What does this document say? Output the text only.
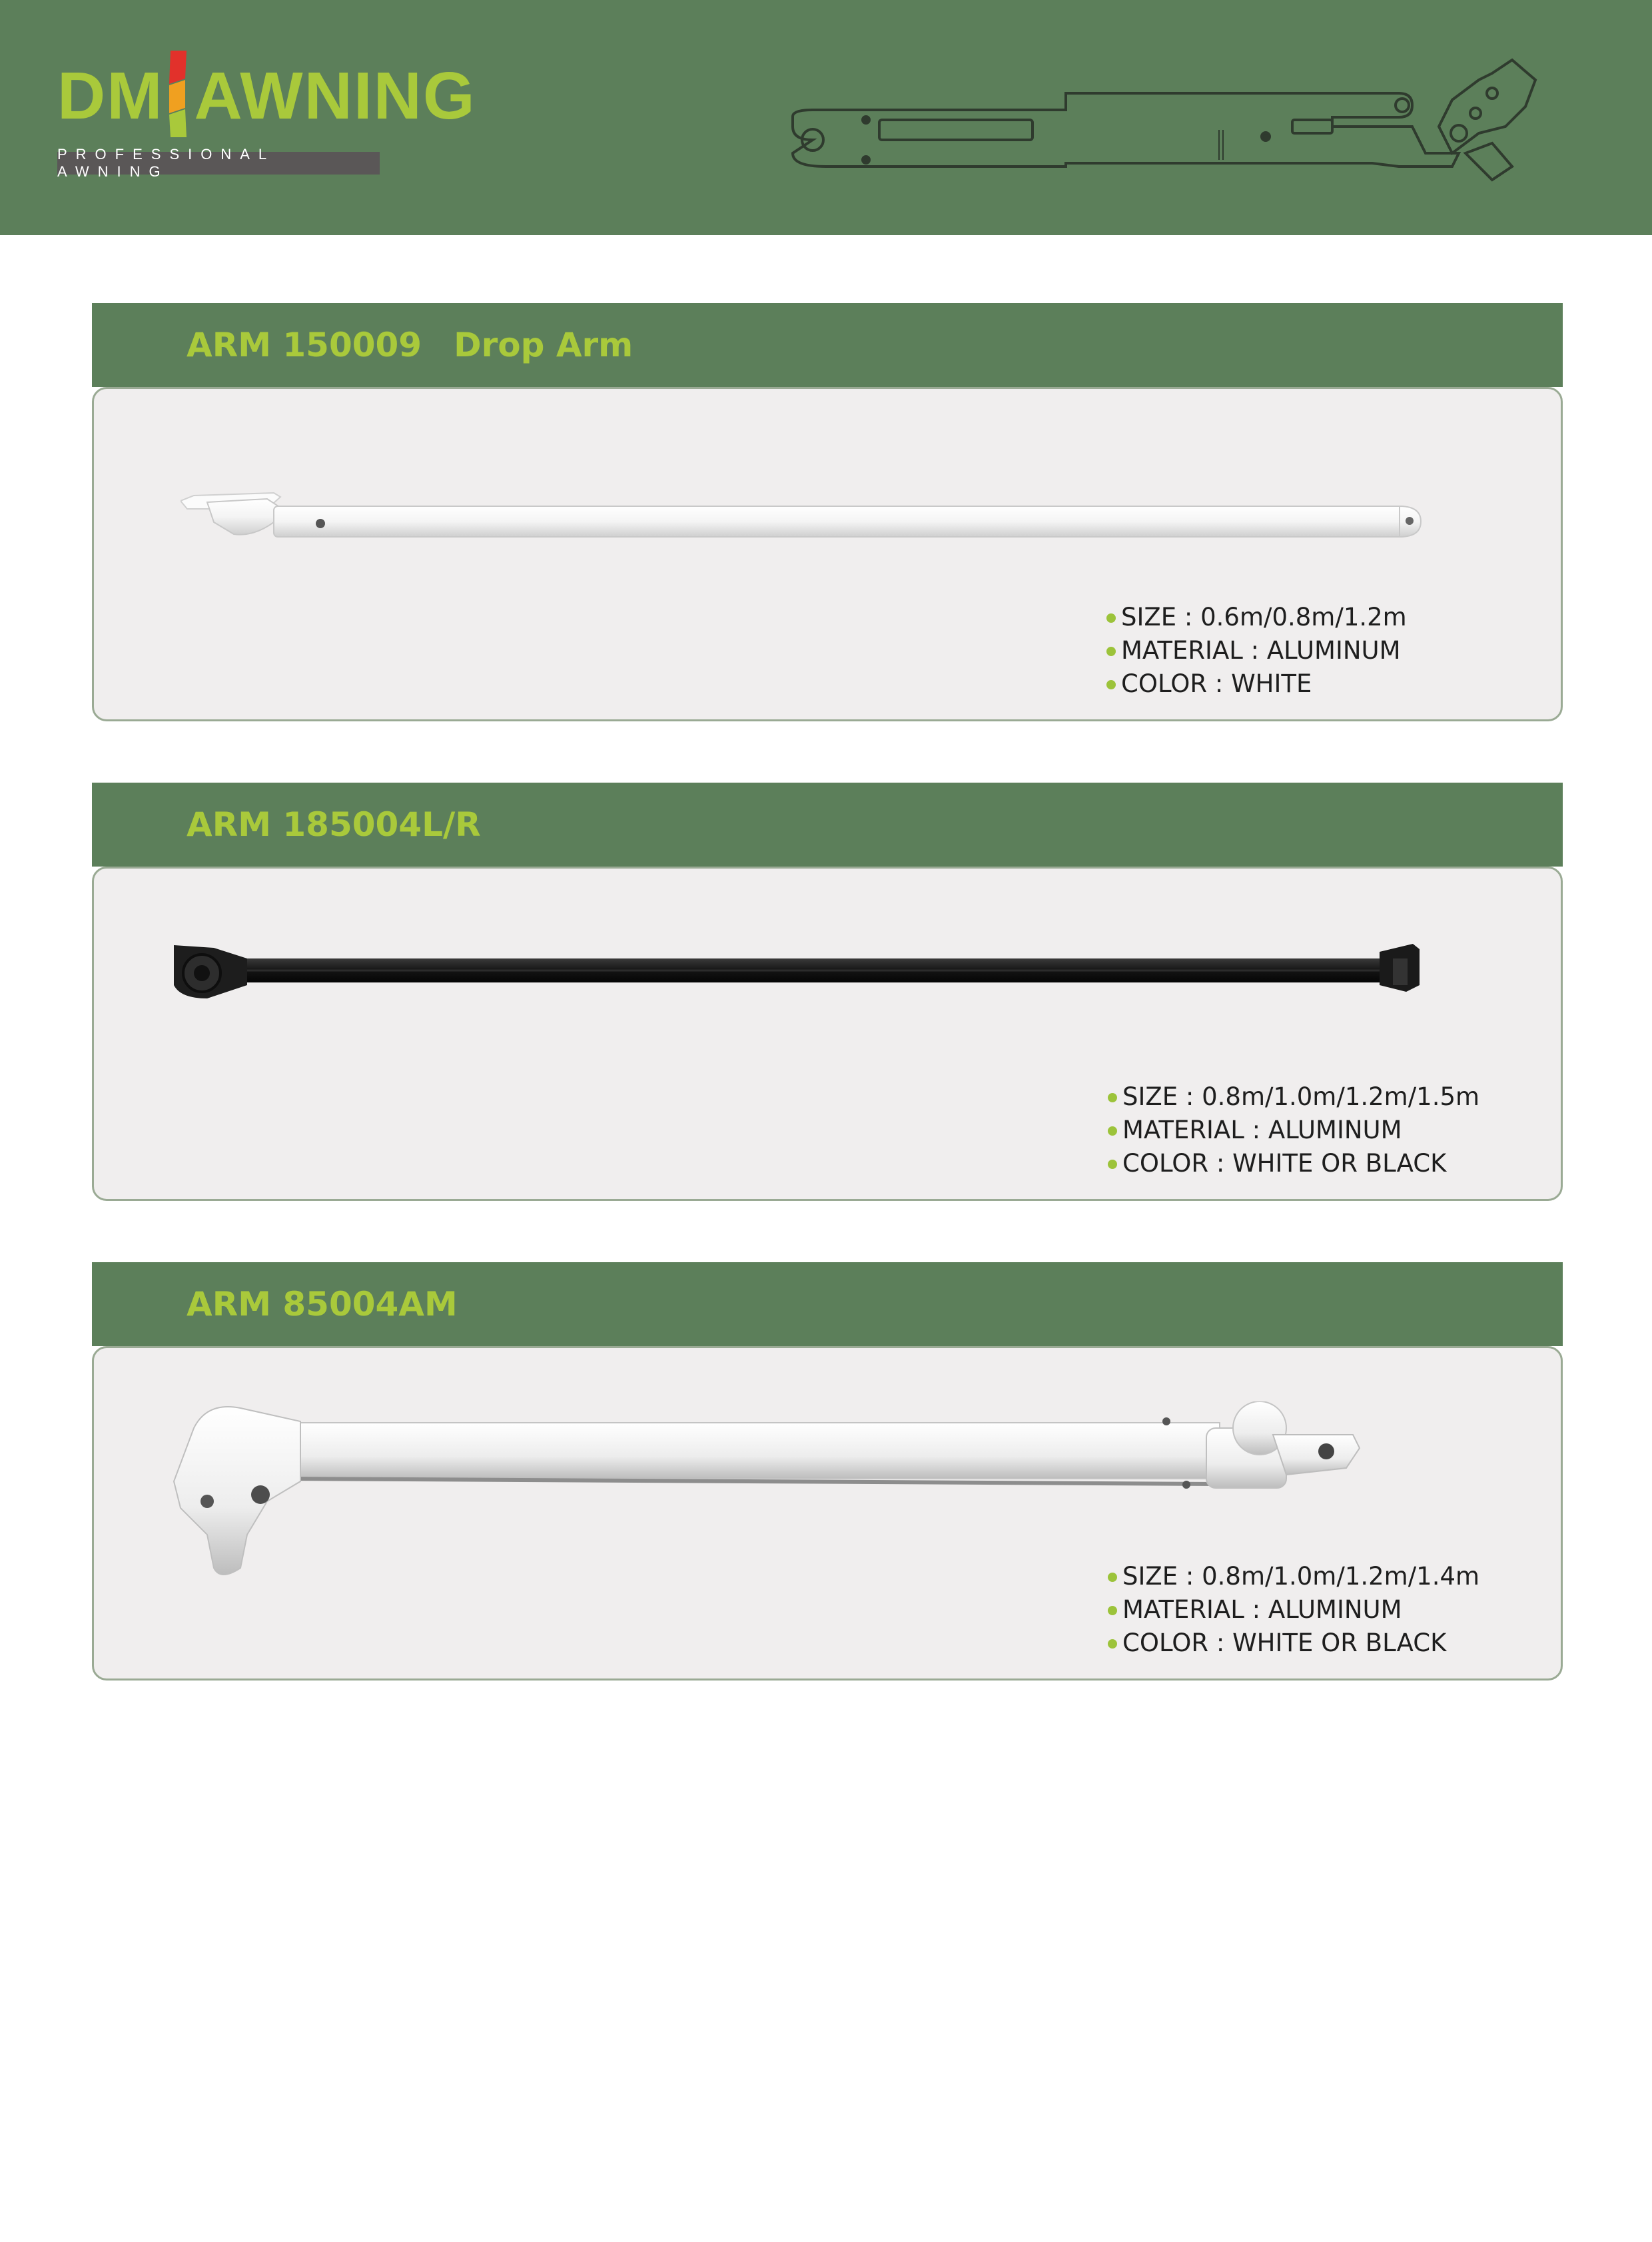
DM AWNING
PROFESSIONAL AWNING
ARM 150009 Drop Arm
SIZE : 0.6m/0.8m/1.2m
MATERIAL : ALUMINUM
COLOR : WHITE
ARM 185004L/R
SIZE : 0.8m/1.0m/1.2m/1.5m
MATERIAL : ALUMINUM
COLOR : WHITE OR BLACK
ARM 85004AM
SIZE : 0.8m/1.0m/1.2m/1.4m
MATERIAL : ALUMINUM
COLOR : WHITE OR BLACK
